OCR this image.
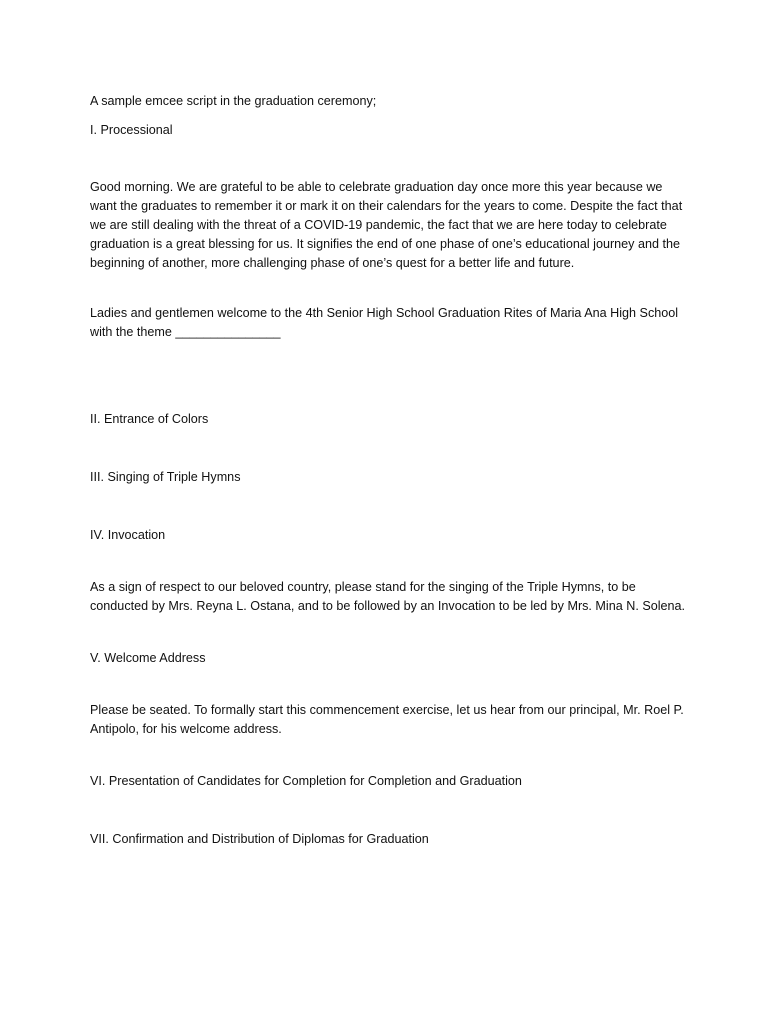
A sample emcee script in the graduation ceremony;

I. Processional

Good morning. We are grateful to be able to celebrate graduation day once more this year because we want the graduates to remember it or mark it on their calendars for the years to come. Despite the fact that we are still dealing with the threat of a COVID-19 pandemic, the fact that we are here today to celebrate graduation is a great blessing for us. It signifies the end of one phase of one’s educational journey and the beginning of another, more challenging phase of one’s quest for a better life and future.

Ladies and gentlemen welcome to the 4th Senior High School Graduation Rites of Maria Ana High School with the theme _______________

II. Entrance of Colors

III. Singing of Triple Hymns

IV. Invocation

As a sign of respect to our beloved country, please stand for the singing of the Triple Hymns, to be conducted by Mrs. Reyna L. Ostana, and to be followed by an Invocation to be led by Mrs. Mina N. Solena.

V. Welcome Address

Please be seated. To formally start this commencement exercise, let us hear from our principal, Mr. Roel P. Antipolo, for his welcome address.

VI. Presentation of Candidates for Completion for Completion and Graduation

VII. Confirmation and Distribution of Diplomas for Graduation
